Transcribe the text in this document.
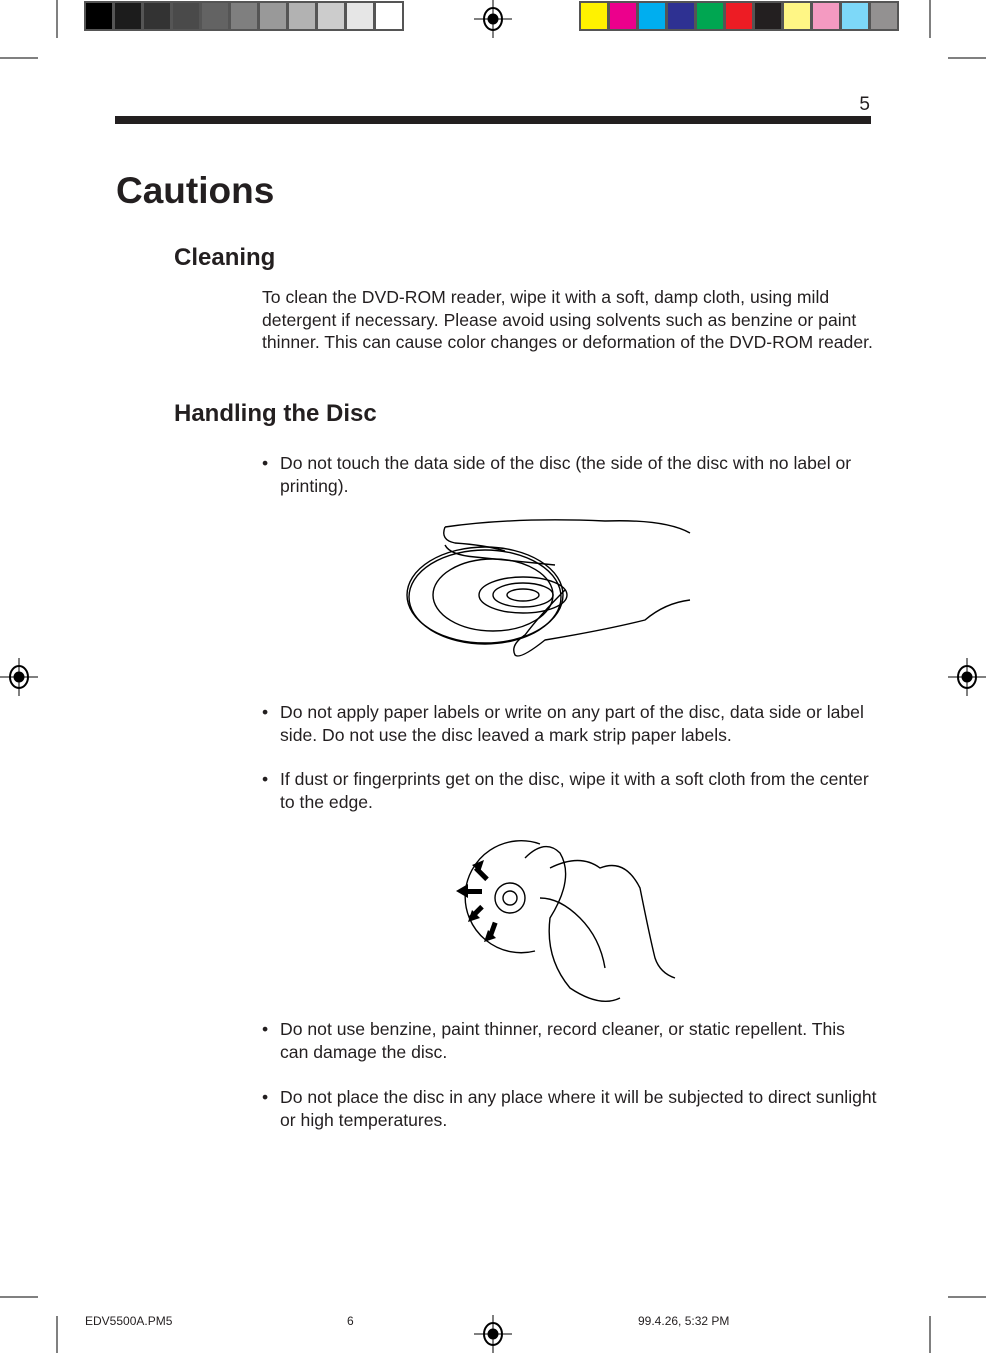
5
Cautions
Cleaning
To clean the DVD-ROM reader, wipe it with a soft, damp cloth, using mild detergent if necessary. Please avoid using solvents such as benzine or paint thinner. This can cause color changes or deformation of the DVD-ROM reader.
Handling the Disc
• Do not touch the data side of the disc (the side of the disc with no label or printing).
• Do not apply paper labels or write on any part of the disc, data side or label side. Do not use the disc leaved a mark strip paper labels.
• If dust or fingerprints get on the disc, wipe it with a soft cloth from the center to the edge.
• Do not use benzine, paint thinner, record cleaner, or static repellent. This can damage the disc.
• Do not place the disc in any place where it will be subjected to direct sunlight or high temperatures.
EDV5500A.PM5	6	99.4.26, 5:32 PM
